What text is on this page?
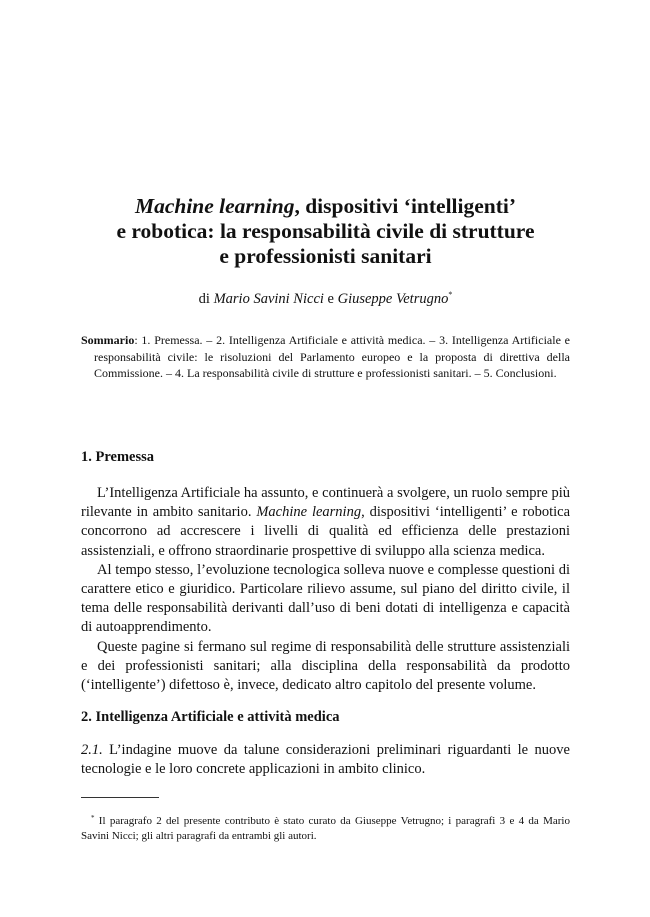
Machine learning, dispositivi ‘intelligenti’
e robotica: la responsabilità civile di strutture
e professionisti sanitari
di Mario Savini Nicci e Giuseppe Vetrugno*

Sommario: 1. Premessa. – 2. Intelligenza Artificiale e attività medica. – 3. Intelligenza Artificiale e responsabilità civile: le risoluzioni del Parlamento europeo e la proposta di direttiva della Commissione. – 4. La responsabilità civile di strutture e professionisti sanitari. – 5. Conclusioni.

1. Premessa

L’Intelligenza Artificiale ha assunto, e continuerà a svolgere, un ruolo sempre più rilevante in ambito sanitario. Machine learning, dispositivi ‘intelligenti’ e robotica concorrono ad accrescere i livelli di qualità ed efficienza delle prestazioni assistenziali, e offrono straordinarie prospettive di sviluppo alla scienza medica.

Al tempo stesso, l’evoluzione tecnologica solleva nuove e complesse questioni di carattere etico e giuridico. Particolare rilievo assume, sul piano del diritto civile, il tema delle responsabilità derivanti dall’uso di beni dotati di intelligenza e capacità di autoapprendimento.

Queste pagine si fermano sul regime di responsabilità delle strutture assistenziali e dei professionisti sanitari; alla disciplina della responsabilità da prodotto (‘intelligente’) difettoso è, invece, dedicato altro capitolo del presente volume.

2. Intelligenza Artificiale e attività medica

2.1. L’indagine muove da talune considerazioni preliminari riguardanti le nuove tecnologie e le loro concrete applicazioni in ambito clinico.

* Il paragrafo 2 del presente contributo è stato curato da Giuseppe Vetrugno; i paragrafi 3 e 4 da Mario Savini Nicci; gli altri paragrafi da entrambi gli autori.
